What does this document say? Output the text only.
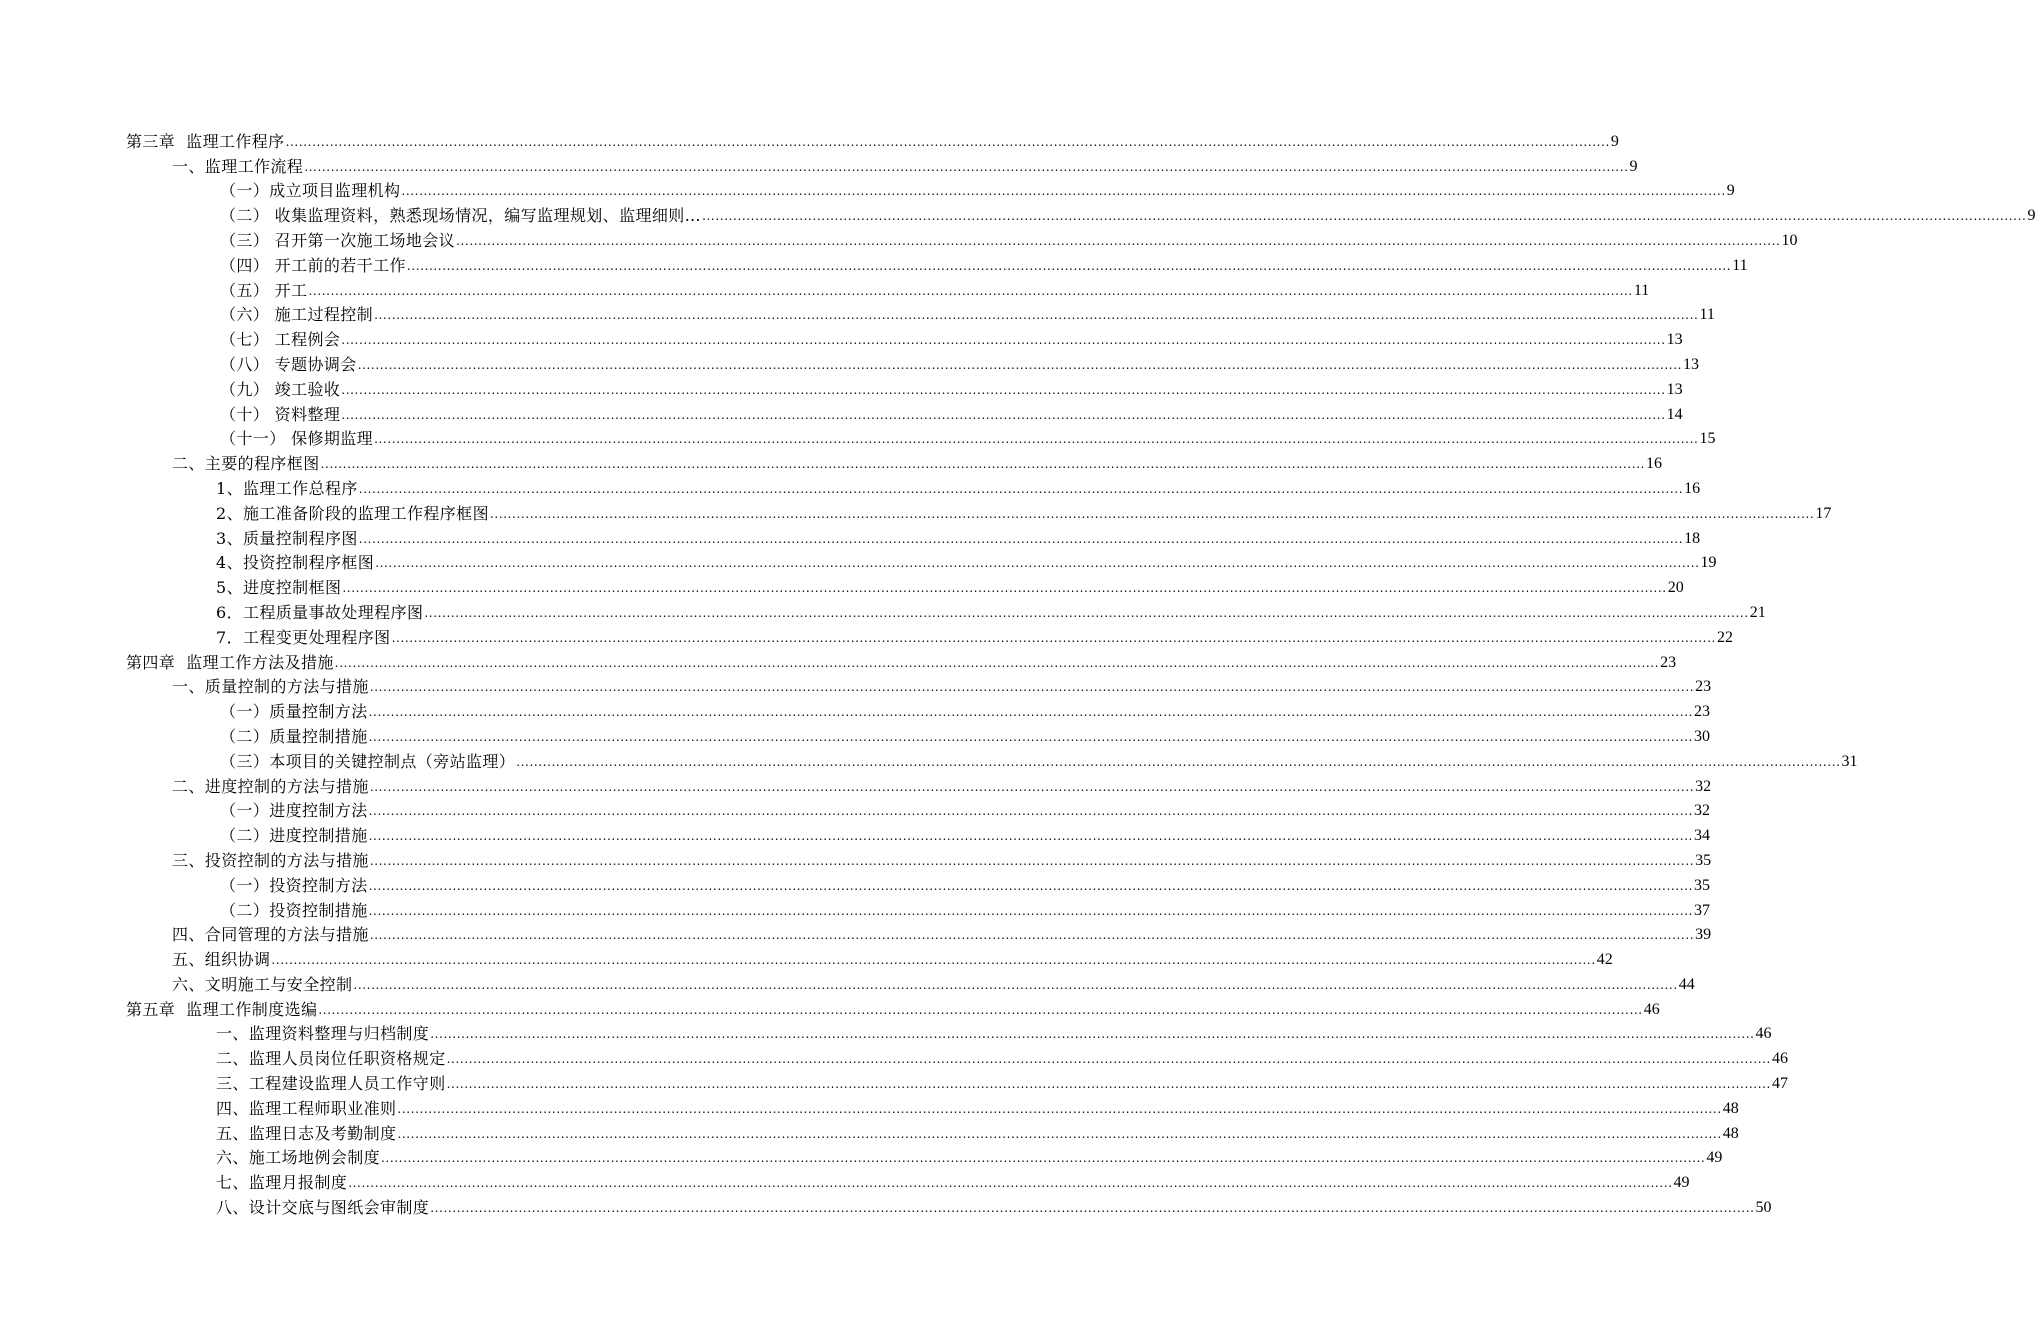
第三章  监理工作程序 ............................................................................................................................................................................................................................................................................................................ 9
一、监理工作流程 ............................................................................................................................................................................................................................................................................................................ 9
（一）成立项目监理机构 ............................................................................................................................................................................................................................................................................................................ 9
（二） 收集监理资料，熟悉现场情况，编写监理规划、监理细则… ............................................................................................................................................................................................................................................................................................................ 9
（三） 召开第一次施工场地会议 ............................................................................................................................................................................................................................................................................................................ 10
（四） 开工前的若干工作 ............................................................................................................................................................................................................................................................................................................ 11
（五） 开工 ............................................................................................................................................................................................................................................................................................................ 11
（六） 施工过程控制 ............................................................................................................................................................................................................................................................................................................ 11
（七） 工程例会 ............................................................................................................................................................................................................................................................................................................ 13
（八） 专题协调会 ............................................................................................................................................................................................................................................................................................................ 13
（九） 竣工验收 ............................................................................................................................................................................................................................................................................................................ 13
（十） 资料整理 ............................................................................................................................................................................................................................................................................................................ 14
（十一） 保修期监理 ............................................................................................................................................................................................................................................................................................................ 15
二、主要的程序框图 ............................................................................................................................................................................................................................................................................................................ 16
1、监理工作总程序 ............................................................................................................................................................................................................................................................................................................ 16
2、施工准备阶段的监理工作程序框图 ............................................................................................................................................................................................................................................................................................................ 17
3、质量控制程序图 ............................................................................................................................................................................................................................................................................................................ 18
4、投资控制程序框图 ............................................................................................................................................................................................................................................................................................................ 19
5、进度控制框图 ............................................................................................................................................................................................................................................................................................................ 20
6．工程质量事故处理程序图 ............................................................................................................................................................................................................................................................................................................ 21
7．工程变更处理程序图 ............................................................................................................................................................................................................................................................................................................ 22
第四章  监理工作方法及措施 ............................................................................................................................................................................................................................................................................................................ 23
一、质量控制的方法与措施 ............................................................................................................................................................................................................................................................................................................ 23
（一）质量控制方法 ............................................................................................................................................................................................................................................................................................................ 23
（二）质量控制措施 ............................................................................................................................................................................................................................................................................................................ 30
（三）本项目的关键控制点（旁站监理） ............................................................................................................................................................................................................................................................................................................ 31
二、进度控制的方法与措施 ............................................................................................................................................................................................................................................................................................................ 32
（一）进度控制方法 ............................................................................................................................................................................................................................................................................................................ 32
（二）进度控制措施 ............................................................................................................................................................................................................................................................................................................ 34
三、投资控制的方法与措施 ............................................................................................................................................................................................................................................................................................................ 35
（一）投资控制方法 ............................................................................................................................................................................................................................................................................................................ 35
（二）投资控制措施 ............................................................................................................................................................................................................................................................................................................ 37
四、合同管理的方法与措施 ............................................................................................................................................................................................................................................................................................................ 39
五、组织协调 ............................................................................................................................................................................................................................................................................................................ 42
六、文明施工与安全控制 ............................................................................................................................................................................................................................................................................................................ 44
第五章  监理工作制度选编 ............................................................................................................................................................................................................................................................................................................ 46
一、监理资料整理与归档制度 ............................................................................................................................................................................................................................................................................................................ 46
二、监理人员岗位任职资格规定 ............................................................................................................................................................................................................................................................................................................ 46
三、工程建设监理人员工作守则 ............................................................................................................................................................................................................................................................................................................ 47
四、监理工程师职业准则 ............................................................................................................................................................................................................................................................................................................ 48
五、监理日志及考勤制度 ............................................................................................................................................................................................................................................................................................................ 48
六、施工场地例会制度 ............................................................................................................................................................................................................................................................................................................ 49
七、监理月报制度 ............................................................................................................................................................................................................................................................................................................ 49
八、设计交底与图纸会审制度 ............................................................................................................................................................................................................................................................................................................ 50
